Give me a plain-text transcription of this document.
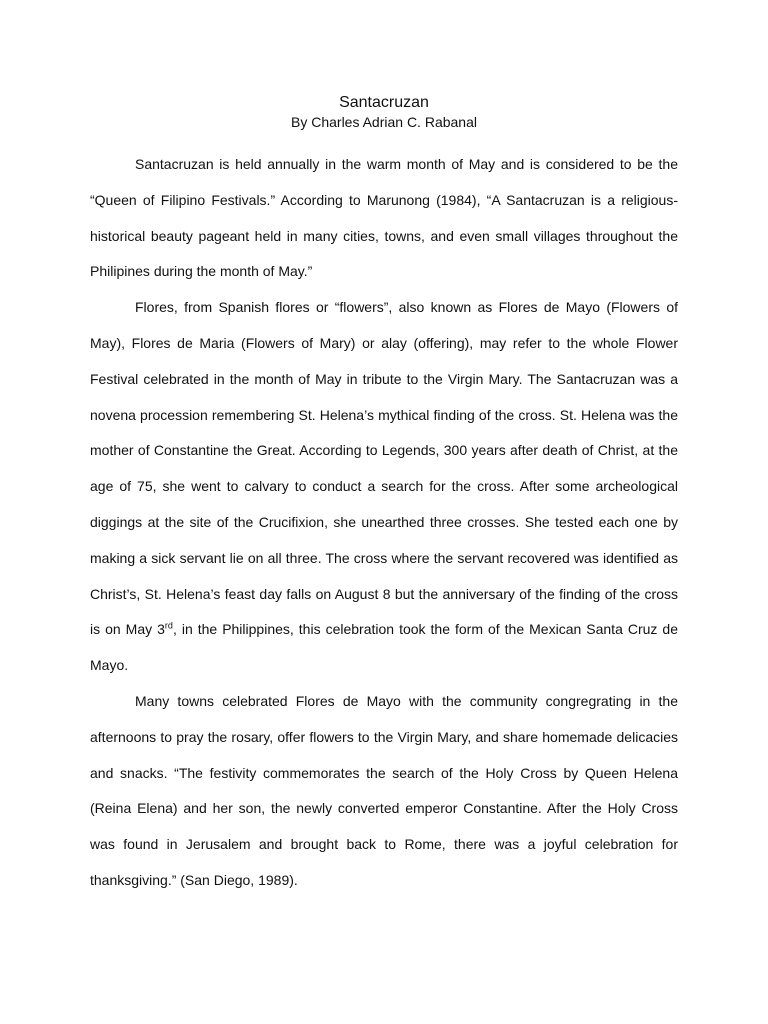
Santacruzan
By Charles Adrian C. Rabanal

Santacruzan is held annually in the warm month of May and is considered to be the “Queen of Filipino Festivals.” According to Marunong (1984), “A Santacruzan is a religious-historical beauty pageant held in many cities, towns, and even small villages throughout the Philipines during the month of May.”

Flores, from Spanish flores or “flowers”, also known as Flores de Mayo (Flowers of May), Flores de Maria (Flowers of Mary) or alay (offering), may refer to the whole Flower Festival celebrated in the month of May in tribute to the Virgin Mary. The Santacruzan was a novena procession remembering St. Helena’s mythical finding of the cross. St. Helena was the mother of Constantine the Great. According to Legends, 300 years after death of Christ, at the age of 75, she went to calvary to conduct a search for the cross. After some archeological diggings at the site of the Crucifixion, she unearthed three crosses. She tested each one by making a sick servant lie on all three. The cross where the servant recovered was identified as Christ’s, St. Helena’s feast day falls on August 8 but the anniversary of the finding of the cross is on May 3rd, in the Philippines, this celebration took the form of the Mexican Santa Cruz de Mayo.

Many towns celebrated Flores de Mayo with the community congregrating in the afternoons to pray the rosary, offer flowers to the Virgin Mary, and share homemade delicacies and snacks. “The festivity commemorates the search of the Holy Cross by Queen Helena (Reina Elena) and her son, the newly converted emperor Constantine. After the Holy Cross was found in Jerusalem and brought back to Rome, there was a joyful celebration for thanksgiving.” (San Diego, 1989).
